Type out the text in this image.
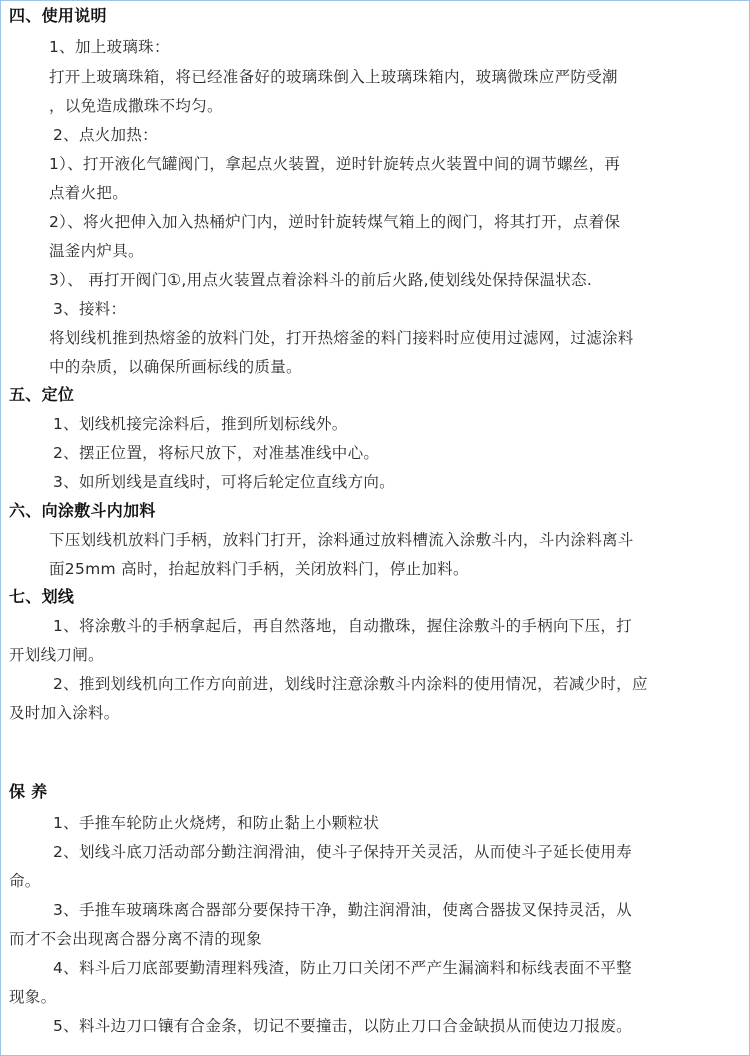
四、使用说明
1、加上玻璃珠：
打开上玻璃珠箱，将已经准备好的玻璃珠倒入上玻璃珠箱内，玻璃微珠应严防受潮
，以免造成撒珠不均匀。
2、点火加热：
1）、打开液化气罐阀门，拿起点火装置，逆时针旋转点火装置中间的调节螺丝，再
点着火把。
2）、将火把伸入加入热桶炉门内，逆时针旋转煤气箱上的阀门，将其打开，点着保
温釜内炉具。
3）、 再打开阀门①,用点火装置点着涂料斗的前后火路,使划线处保持保温状态.
3、接料：
将划线机推到热熔釜的放料门处，打开热熔釜的料门接料时应使用过滤网，过滤涂料
中的杂质，以确保所画标线的质量。
五、定位
1、划线机接完涂料后，推到所划标线外。
2、摆正位置，将标尺放下，对准基准线中心。
3、如所划线是直线时，可将后轮定位直线方向。
六、向涂敷斗内加料
下压划线机放料门手柄，放料门打开，涂料通过放料槽流入涂敷斗内，斗内涂料离斗
面25mm 高时，抬起放料门手柄，关闭放料门，停止加料。
七、划线
1、将涂敷斗的手柄拿起后，再自然落地，自动撒珠，握住涂敷斗的手柄向下压，打
开划线刀闸。
2、推到划线机向工作方向前进，划线时注意涂敷斗内涂料的使用情况，若减少时，应
及时加入涂料。
保 养
1、手推车轮防止火烧烤，和防止黏上小颗粒状
2、划线斗底刀活动部分勤注润滑油，使斗子保持开关灵活，从而使斗子延长使用寿
命。
3、手推车玻璃珠离合器部分要保持干净，勤注润滑油，使离合器拔叉保持灵活，从
而才不会出现离合器分离不清的现象
4、料斗后刀底部要勤清理料残渣，防止刀口关闭不严产生漏滴料和标线表面不平整
现象。
5、料斗边刀口镶有合金条，切记不要撞击，以防止刀口合金缺损从而使边刀报废。
